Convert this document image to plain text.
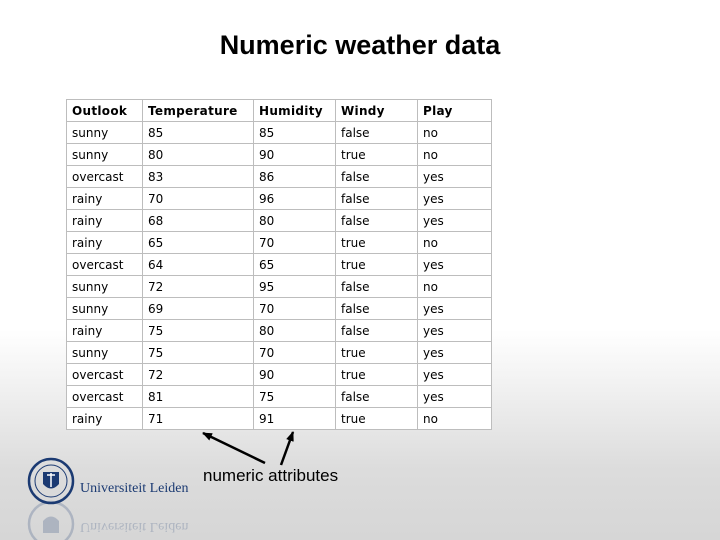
Numeric weather data
Outlook	Temperature	Humidity	Windy	Play
sunny	85	85	false	no
sunny	80	90	true	no
overcast	83	86	false	yes
rainy	70	96	false	yes
rainy	68	80	false	yes
rainy	65	70	true	no
overcast	64	65	true	yes
sunny	72	95	false	no
sunny	69	70	false	yes
rainy	75	80	false	yes
sunny	75	70	true	yes
overcast	72	90	true	yes
overcast	81	75	false	yes
rainy	71	91	true	no
numeric attributes
Universiteit Leiden
Universiteit Leiden
